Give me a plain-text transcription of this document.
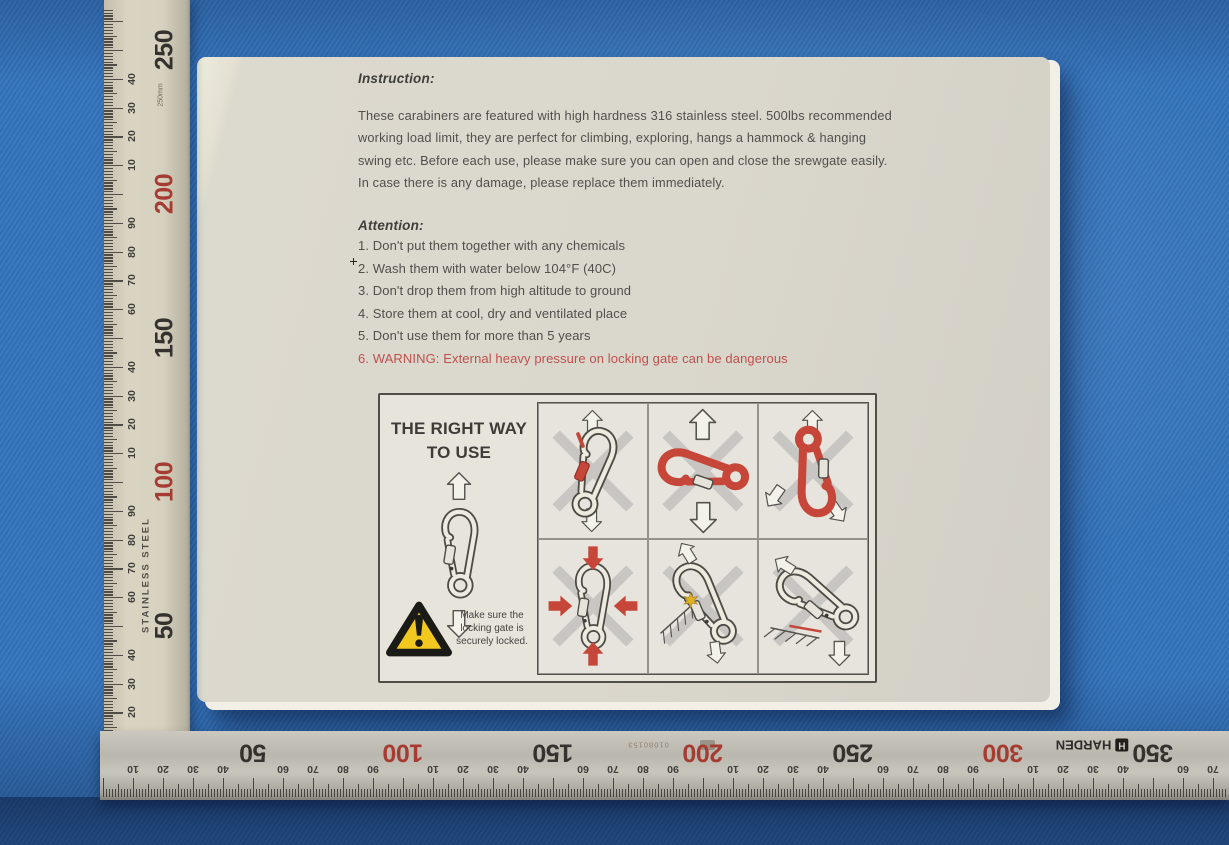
Instruction:

These carabiners are featured with high hardness 316 stainless steel. 500lbs recommended working load limit, they are perfect for climbing, exploring, hangs a hammock & hanging swing etc. Before each use, please make sure you can open and close the srewgate easily. In case there is any damage, please replace them immediately.

Attention:
1. Don't put them together with any chemicals
2. Wash them with water below 104°F (40C)
3. Don't drop them from high altitude to ground
4. Store them at cool, dry and ventilated place
5. Don't use them for more than 5 years
6. WARNING: External heavy pressure on locking gate can be dangerous
THE RIGHT WAY
TO USE
Make sure the locking gate is securely locked.
STAINLESS STEEL
250mm
250
200
150
100
50
40
30
20
10
90
80
70
60
40
30
20
10
90
80
70
60
40
30
20
H
HARDEN
01080153
50	100	150	200	250	300	350
10 20 30 40	60 70 80 90	10 20 30 40	60 70 80 90	10 20 30 40	60 70 80 90	10 20 30 40	60 70
